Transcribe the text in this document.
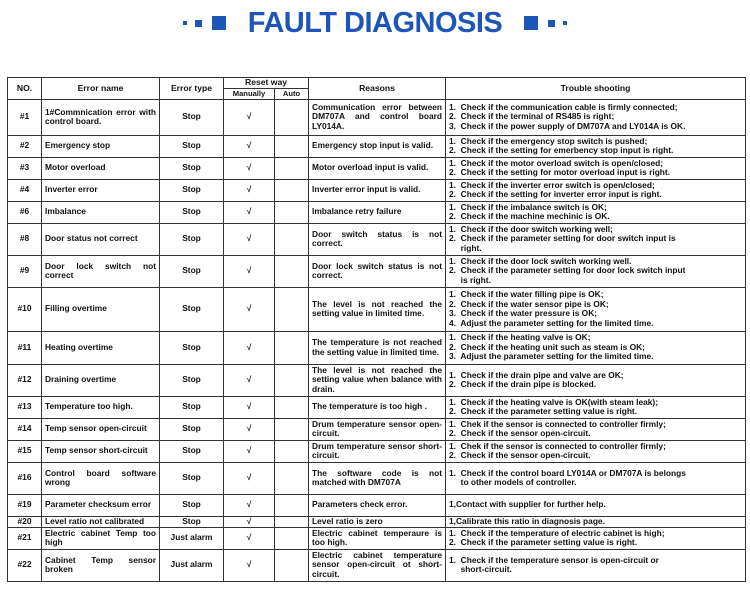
FAULT DIAGNOSIS
NO.	Error name	Error type	Reset way		Reasons	Trouble shooting
			Manually	Auto		
#1	1#Commnication error with control board.	Stop	√		Communication error between DM707A and control board LY014A.	1.  Check if the communication cable is firmly connected;
2.  Check if the terminal of RS485 is right;
3.  Check if the power supply of DM707A and LY014A is OK.

#2	Emergency stop	Stop	√		Emergency stop input is valid.	1.  Check if the emergency stop switch is pushed;
2.  Check if the setting for emerbency stop input is right.

#3	Motor overload	Stop	√		Motor overload input is valid.	1.  Check if the motor overload switch is open/closed;
2.  Check if the setting for motor overload input is right.

#4	Inverter error	Stop	√		Inverter error input is valid.	1.  Check if the inverter error switch is open/closed;
2.  Check if the setting for inverter error input is right.

#6	Imbalance	Stop	√		Imbalance retry failure	1.  Check if the imbalance switch is OK;
2.  Check if the machine mechinic is OK.

#8	Door status not correct	Stop	√		Door switch status is not correct.	1.  Check if the door switch working well;
2.  Check if the parameter setting for door switch input is
right.

#9	Door lock switch not correct	Stop	√		Door lock switch status is not correct.	1.  Check if the door lock switch working well.
2.  Check if the parameter setting for door lock switch input
is right.

#10	Filling overtime	Stop	√		The level is not reached the setting value in limited time.	1.  Check if the water filling pipe is OK;
2.  Check if the water sensor pipe is OK;
3.  Check if the water pressure is OK;
4.  Adjust the parameter setting for the limited time.

#11	Heating overtime	Stop	√		The temperature is not reached the setting value in limited time.	1.  Check if the heating valve is OK;
2.  Check if the heating unit such as steam is OK;
3.  Adjust the parameter setting for the limited time.

#12	Draining overtime	Stop	√		The level is not reached the setting value when balance with drain.	1.  Check if the drain pipe and valve are OK;
2.  Check if the drain pipe is blocked.

#13	Temperature too high.	Stop	√		The temperature is too high .	1.  Check if the heating valve is OK(with steam leak);
2.  Check if the parameter setting value is right.

#14	Temp sensor open-circuit	Stop	√		Drum temperature sensor open-circuit.	1.  Chek if the sensor is connected to controller firmly;
2.  Check if the sensor open-circuit.

#15	Temp sensor short-circuit	Stop	√		Drum temperature sensor short-circuit.	1.  Chek if the sensor is connected to controller firmly;
2.  Check if the sensor open-circuit.

#16	Control board software wrong	Stop	√		The software code is not matched with DM707A	1.  Check if the control board LY014A or DM707A is belongs
to other models of controller.

#19	Parameter checksum error	Stop	√		Parameters check error.	1,Contact with supplier for further help.

#20	Level ratio not calibrated	Stop	√		Level ratio is zero	1,Calibrate this ratio in diagnosis page.

#21	Electric cabinet Temp too high	Just alarm	√		Electric cabinet temperaure is too high.	1.  Check if the temperature of electric cabinet is high;
2.  Check if the parameter setting value is right.

#22	Cabinet Temp sensor broken	Just alarm	√		Electric cabinet temperature sensor open-circuit ot short-circuit.	1.  Check if the temperature sensor is open-circuit or
short-circuit.
